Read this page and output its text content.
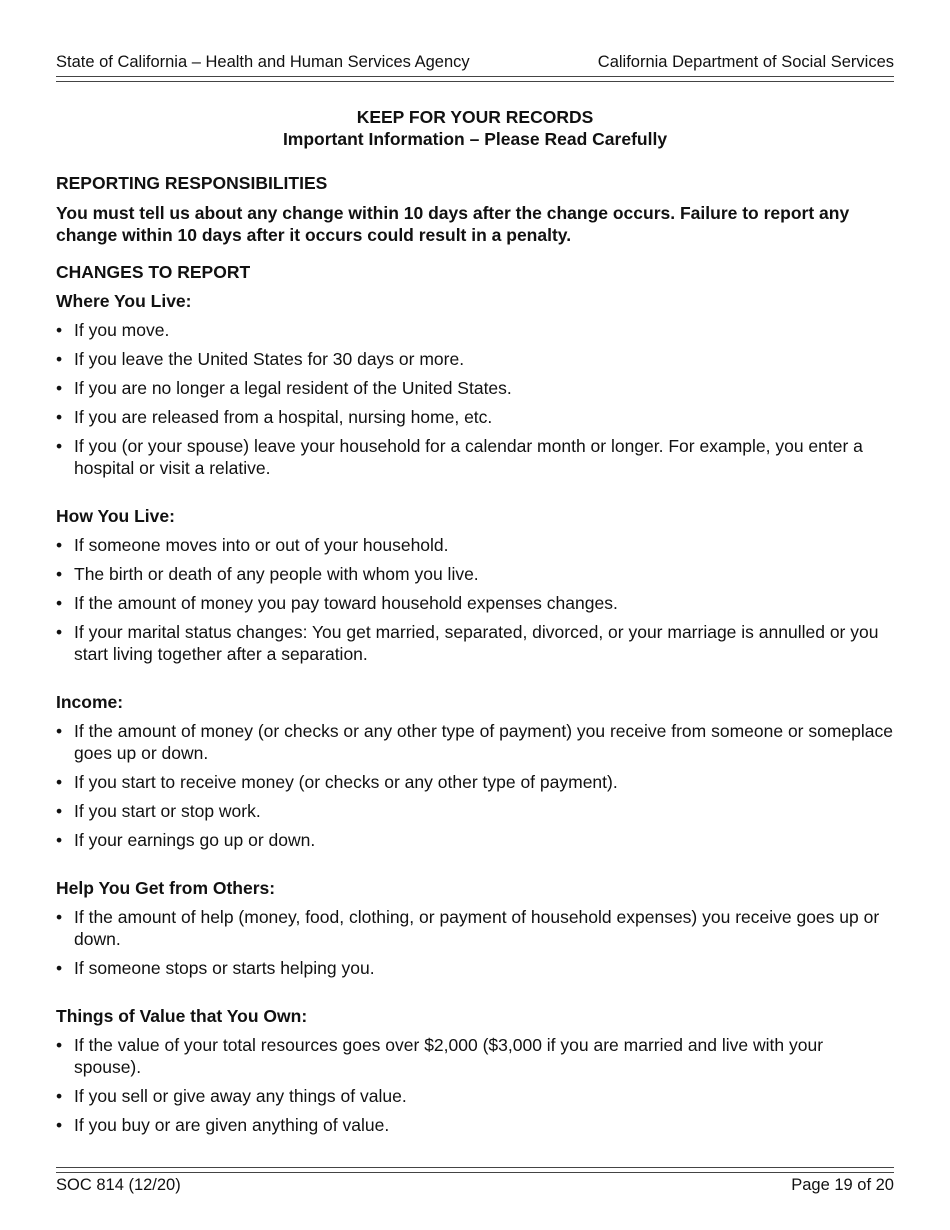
State of California – Health and Human Services Agency	California Department of Social Services
KEEP FOR YOUR RECORDS
Important Information – Please Read Carefully

REPORTING RESPONSIBILITIES

You must tell us about any change within 10 days after the change occurs. Failure to report any change within 10 days after it occurs could result in a penalty.

CHANGES TO REPORT

Where You Live:

• If you move.
• If you leave the United States for 30 days or more.
• If you are no longer a legal resident of the United States.
• If you are released from a hospital, nursing home, etc.
• If you (or your spouse) leave your household for a calendar month or longer. For example, you enter a hospital or visit a relative.

How You Live:

• If someone moves into or out of your household.
• The birth or death of any people with whom you live.
• If the amount of money you pay toward household expenses changes.
• If your marital status changes: You get married, separated, divorced, or your marriage is annulled or you start living together after a separation.

Income:

• If the amount of money (or checks or any other type of payment) you receive from someone or someplace goes up or down.
• If you start to receive money (or checks or any other type of payment).
• If you start or stop work.
• If your earnings go up or down.

Help You Get from Others:

• If the amount of help (money, food, clothing, or payment of household expenses) you receive goes up or down.
• If someone stops or starts helping you.

Things of Value that You Own:

• If the value of your total resources goes over $2,000 ($3,000 if you are married and live with your spouse).
• If you sell or give away any things of value.
• If you buy or are given anything of value.
SOC 814 (12/20)	Page 19 of 20
